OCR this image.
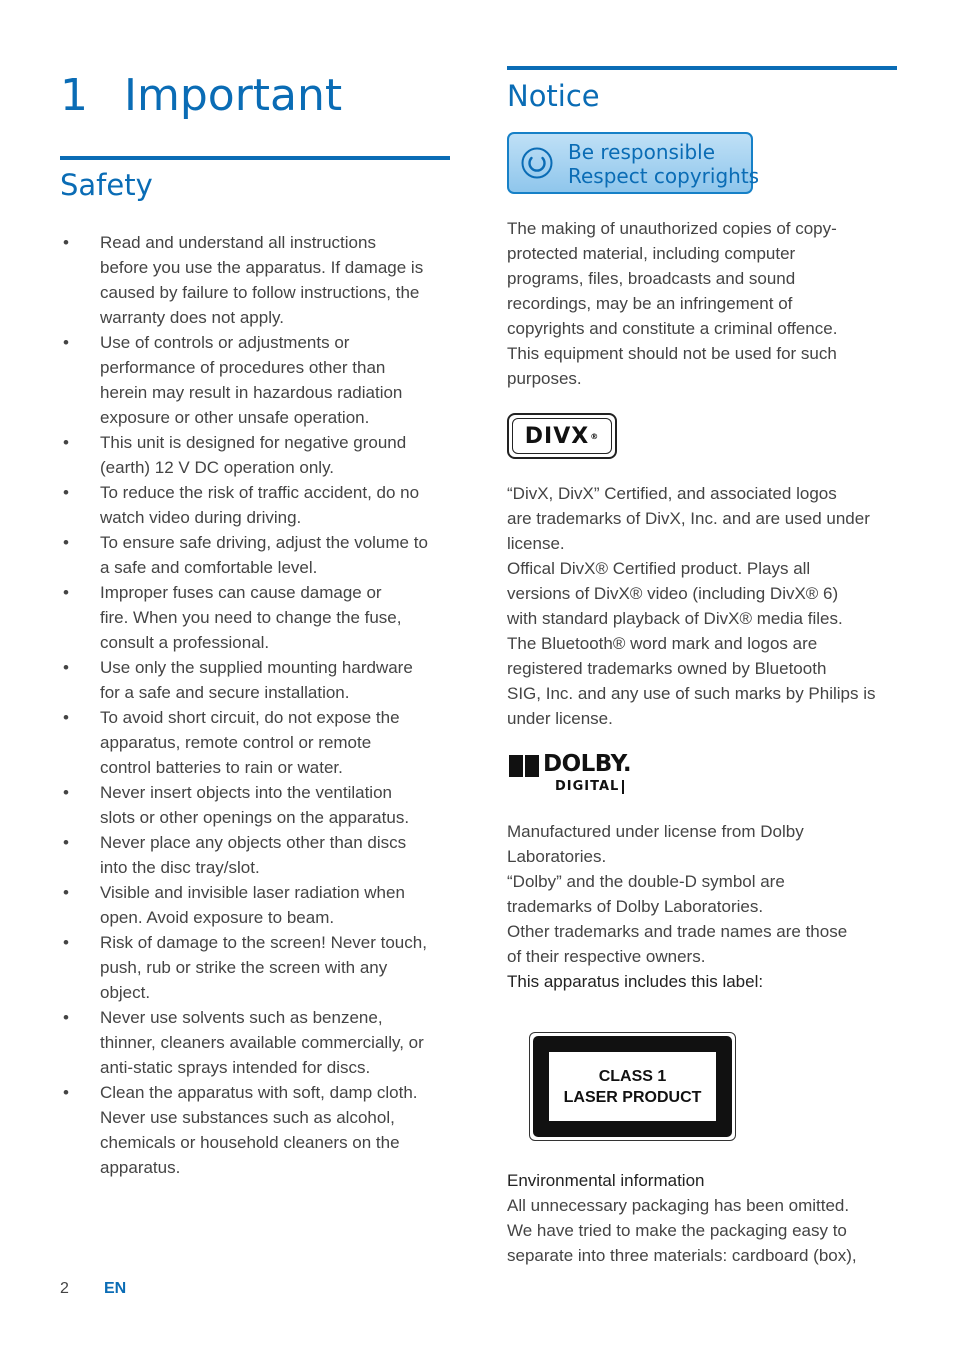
1 Important
Safety
• Read and understand all instructions
before you use the apparatus. If damage is
caused by failure to follow instructions, the
warranty does not apply.
• Use of controls or adjustments or
performance of procedures other than
herein may result in hazardous radiation
exposure or other unsafe operation.
• This unit is designed for negative ground
(earth) 12 V DC operation only.
• To reduce the risk of traffic accident, do no
watch video during driving.
• To ensure safe driving, adjust the volume to
a safe and comfortable level.
• Improper fuses can cause damage or
fire. When you need to change the fuse,
consult a professional.
• Use only the supplied mounting hardware
for a safe and secure installation.
• To avoid short circuit, do not expose the
apparatus, remote control or remote
control batteries to rain or water.
• Never insert objects into the ventilation
slots or other openings on the apparatus.
• Never place any objects other than discs
into the disc tray/slot.
• Visible and invisible laser radiation when
open. Avoid exposure to beam.
• Risk of damage to the screen! Never touch,
push, rub or strike the screen with any
object.
• Never use solvents such as benzene,
thinner, cleaners available commercially, or
anti-static sprays intended for discs.
• Clean the apparatus with soft, damp cloth.
Never use substances such as alcohol,
chemicals or household cleaners on the
apparatus.
Notice
Be responsible
Respect copyrights

The making of unauthorized copies of copy-
protected material, including computer
programs, files, broadcasts and sound
recordings, may be an infringement of
copyrights and constitute a criminal offence.
This equipment should not be used for such
purposes.

DIVX ®

“DivX, DivX” Certified, and associated logos
are trademarks of DivX, Inc. and are used under
license.
Offical DivX® Certified product. Plays all
versions of DivX® video (including DivX® 6)
with standard playback of DivX® media files.
The Bluetooth® word mark and logos are
registered trademarks owned by Bluetooth
SIG, Inc. and any use of such marks by Philips is
under license.

DOLBY.
DIGITAL

Manufactured under license from Dolby
Laboratories.
“Dolby” and the double-D symbol are
trademarks of Dolby Laboratories.
Other trademarks and trade names are those
of their respective owners.

This apparatus includes this label:

CLASS 1
LASER PRODUCT
Environmental information

All unnecessary packaging has been omitted.
We have tried to make the packaging easy to
separate into three materials: cardboard (box),

2 EN
